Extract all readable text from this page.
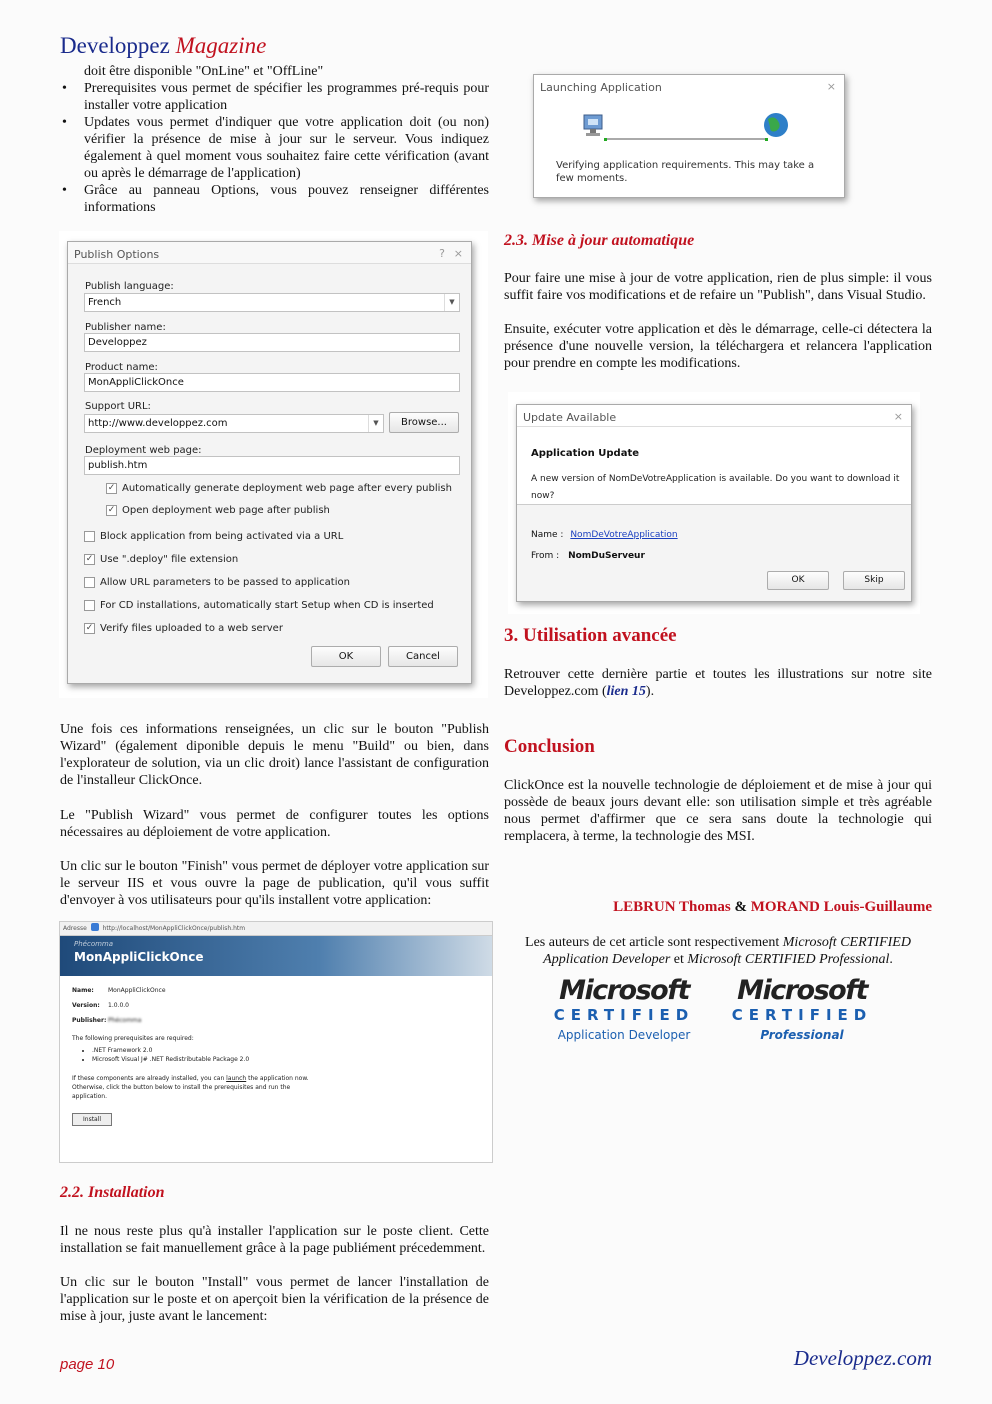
Developpez Magazine
doit être disponible "OnLine" et "OffLine"
• Prerequisites vous permet de spécifier les programmes pré-requis pour installer votre application
• Updates vous permet d'indiquer que votre application doit (ou non) vérifier la présence de mise à jour sur le serveur. Vous indiquez également à quel moment vous souhaitez faire cette vérification (avant ou après le démarrage de l'application)
• Grâce au panneau Options, vous pouvez renseigner différentes informations
Publish Options	? ×
Publish language:
French	▼
Publisher name:
Developpez
Product name:
MonAppliClickOnce
Support URL:
http://www.developpez.com	▼	Browse...
Deployment web page:
publish.htm
✓ Automatically generate deployment web page after every publish
✓ Open deployment web page after publish
Block application from being activated via a URL
✓ Use ".deploy" file extension
Allow URL parameters to be passed to application
For CD installations, automatically start Setup when CD is inserted
✓ Verify files uploaded to a web server
OK	Cancel

Une fois ces informations renseignées, un clic sur le bouton "Publish Wizard" (également diponible depuis le menu "Build" ou bien, dans l'explorateur de solution, via un clic droit) lance l'assistant de configuration de l'installeur ClickOnce.

Le "Publish Wizard" vous permet de configurer toutes les options nécessaires au déploiement de votre application.

Un clic sur le bouton "Finish" vous permet de déployer votre application sur le serveur IIS et vous ouvre la page de publication, qu'il vous suffit d'envoyer à vos utilisateurs pour qu'ils installent votre application:

Adresse	http://localhost/MonAppliClickOnce/publish.htm
Phécomma
MonAppliClickOnce
Name: MonAppliClickOnce
Version: 1.0.0.0
Publisher: Phécomma
The following prerequisites are required:
• .NET Framework 2.0
• Microsoft Visual J# .NET Redistributable Package 2.0
If these components are already installed, you can launch the application now. Otherwise, click the button below to install the prerequisites and run the application.
Install
2.2. Installation

Il ne nous reste plus qu'à installer l'application sur le poste client. Cette installation se fait manuellement grâce à la page publiément précedemment.

Un clic sur le bouton "Install" vous permet de lancer l'installation de l'application sur le poste et on aperçoit bien la vérification de la présence de mise à jour, juste avant le lancement:

Launching Application	×
Verifying application requirements. This may take a few moments.
2.3. Mise à jour automatique

Pour faire une mise à jour de votre application, rien de plus simple: il vous suffit faire vos modifications et de refaire un "Publish", dans Visual Studio.

Ensuite, exécuter votre application et dès le démarrage, celle-ci détectera la présence d'une nouvelle version, la téléchargera et relancera l'application pour prendre en compte les modifications.

Update Available	×
Application Update
A new version of NomDeVotreApplication is available. Do you want to download it now?
Name : NomDeVotreApplication
From : NomDuServeur
OK	Skip
3. Utilisation avancée

Retrouver cette dernière partie et toutes les illustrations sur notre site Developpez.com (lien 15).

Conclusion

ClickOnce est la nouvelle technologie de déploiement et de mise à jour qui possède de beaux jours devant elle: son utilisation simple et très agréable nous permet d'affirmer que ce sera sans doute la technologie qui remplacera, à terme, la technologie des MSI.

LEBRUN Thomas & MORAND Louis-Guillaume

Les auteurs de cet article sont respectivement Microsoft CERTIFIED Application Developer et Microsoft CERTIFIED Professional.

Microsoft
CERTIFIED
Application Developer
Microsoft
CERTIFIED
Professional
page 10	Developpez.com
